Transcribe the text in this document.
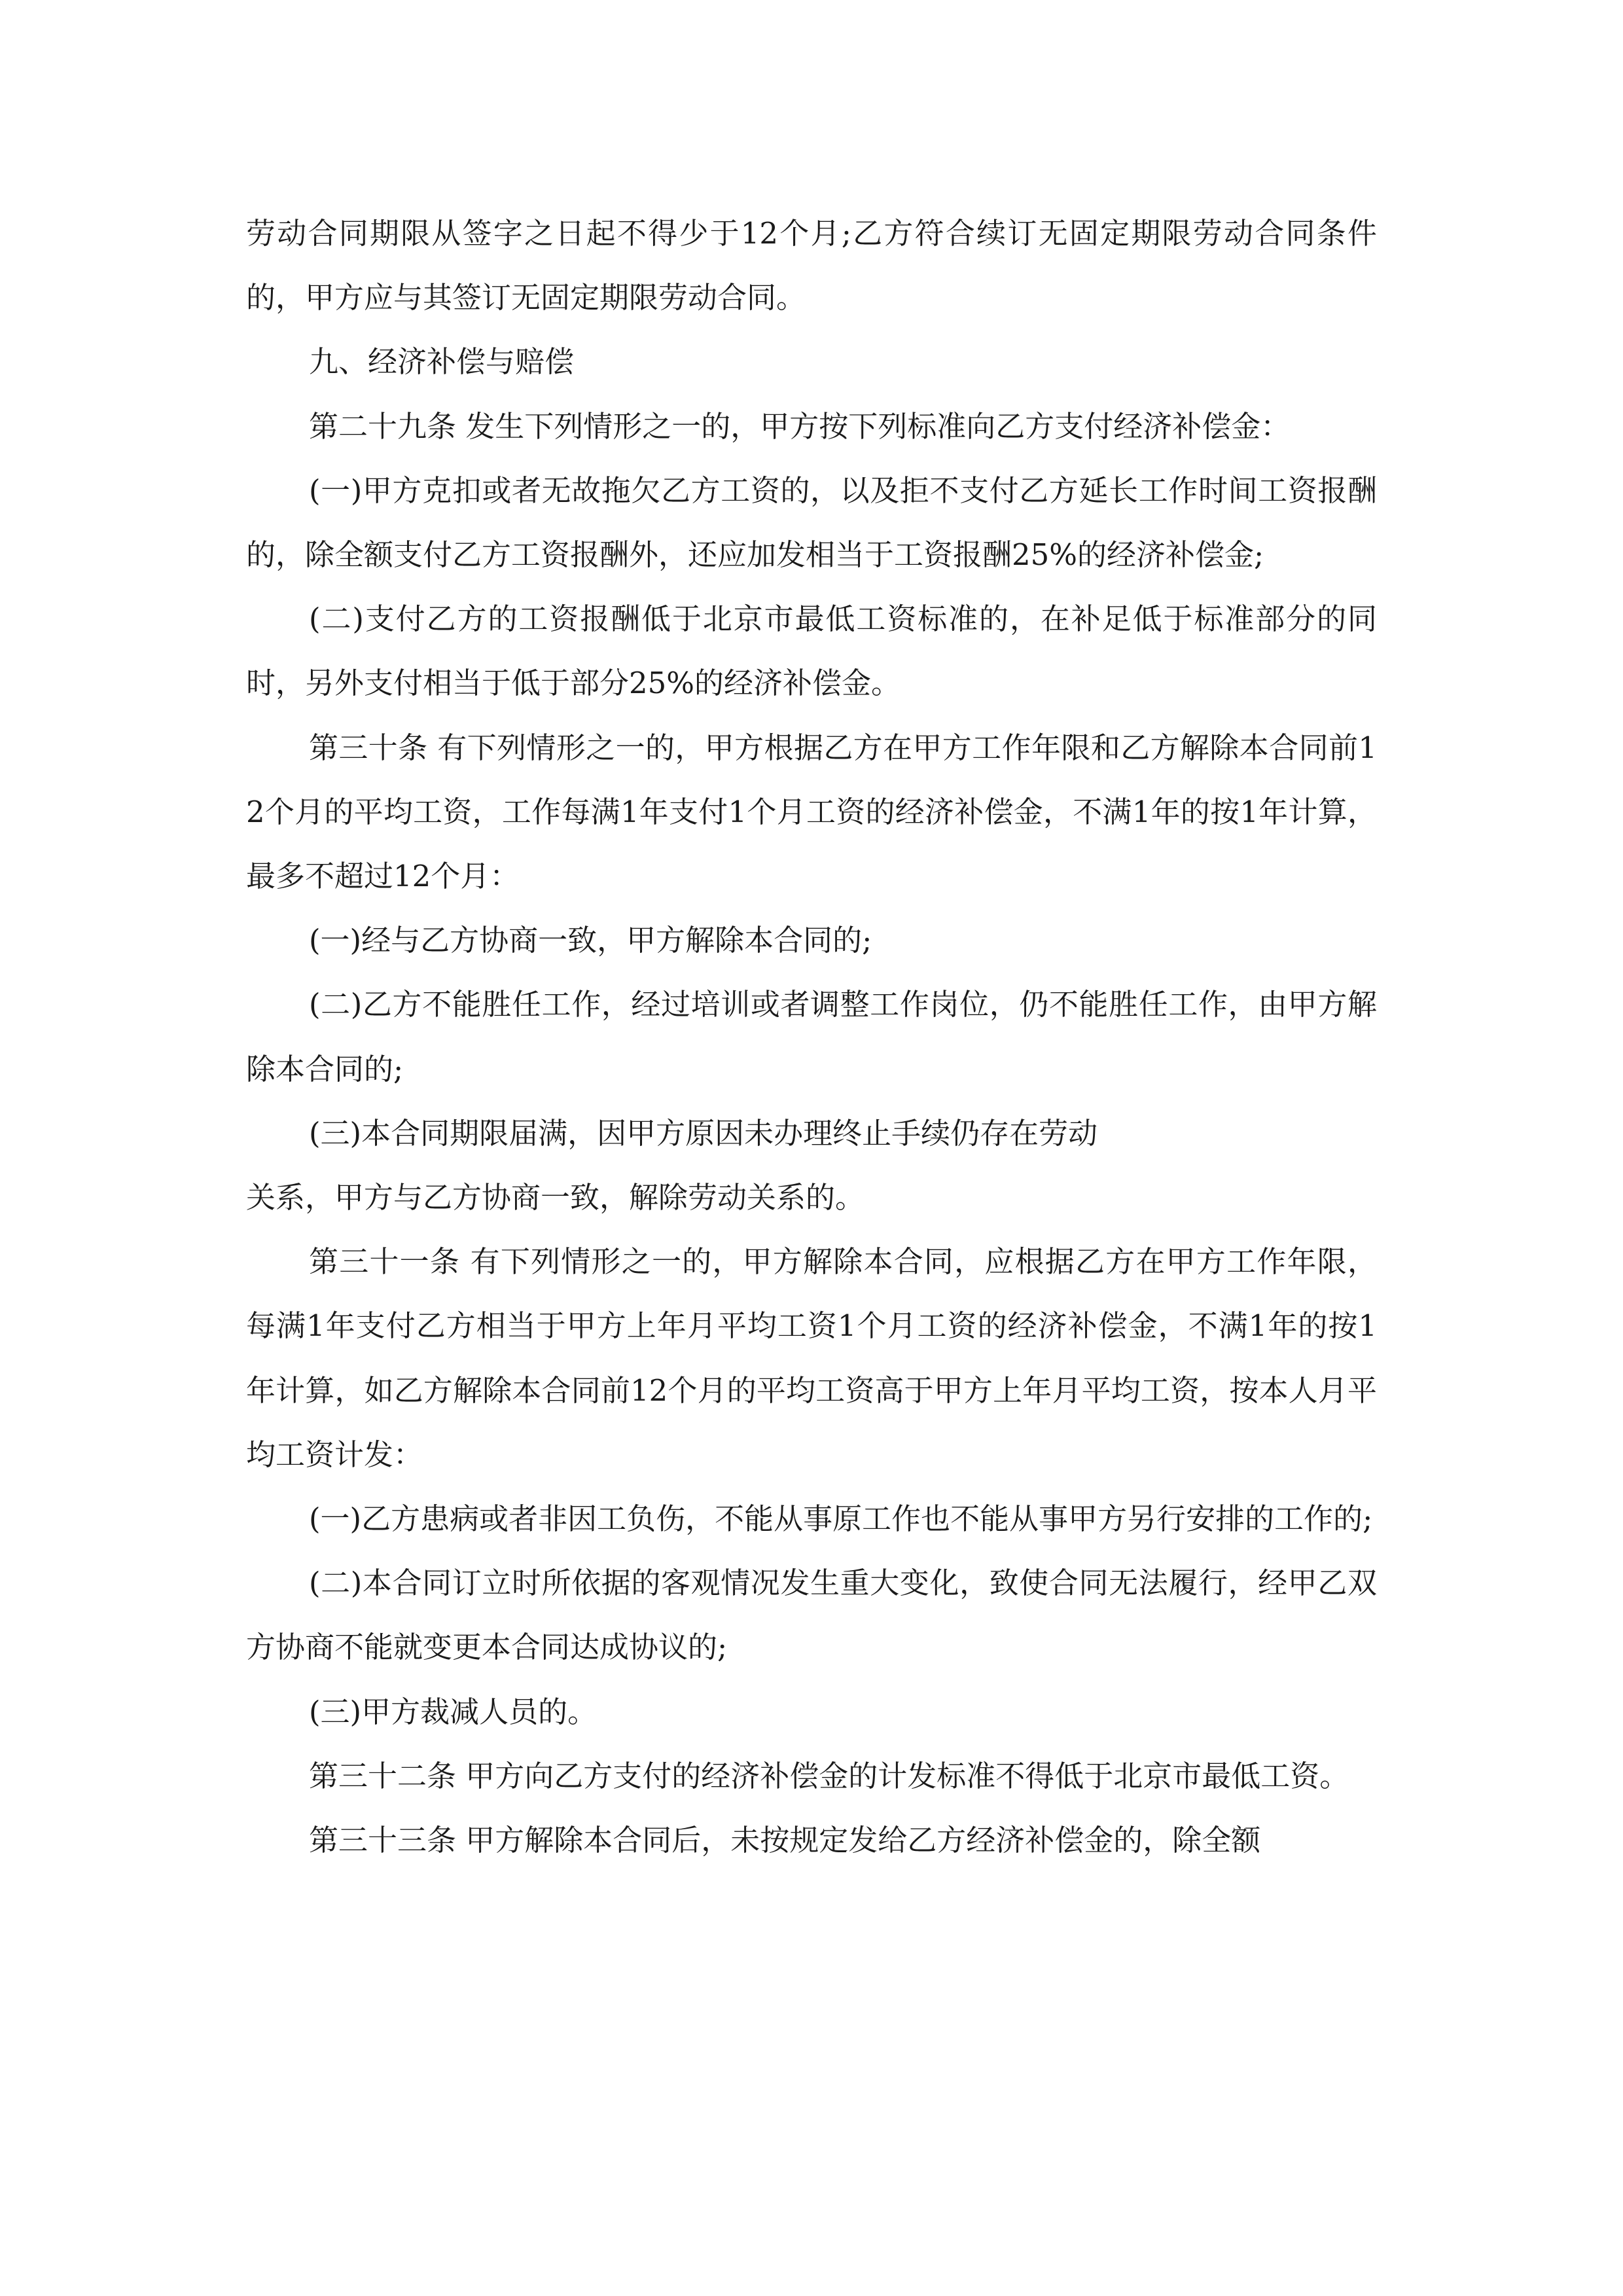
劳动合同期限从签字之日起不得少于12个月;乙方符合续订无固定期限劳动合同条件的，甲方应与其签订无固定期限劳动合同。

九、经济补偿与赔偿

第二十九条 发生下列情形之一的，甲方按下列标准向乙方支付经济补偿金：

(一)甲方克扣或者无故拖欠乙方工资的，以及拒不支付乙方延长工作时间工资报酬的，除全额支付乙方工资报酬外，还应加发相当于工资报酬25%的经济补偿金;

(二)支付乙方的工资报酬低于北京市最低工资标准的，在补足低于标准部分的同时，另外支付相当于低于部分25%的经济补偿金。

第三十条 有下列情形之一的，甲方根据乙方在甲方工作年限和乙方解除本合同前12个月的平均工资，工作每满1年支付1个月工资的经济补偿金，不满1年的按1年计算，最多不超过12个月：

(一)经与乙方协商一致，甲方解除本合同的;

(二)乙方不能胜任工作，经过培训或者调整工作岗位，仍不能胜任工作，由甲方解除本合同的;

(三)本合同期限届满，因甲方原因未办理终止手续仍存在劳动

关系，甲方与乙方协商一致，解除劳动关系的。

第三十一条 有下列情形之一的，甲方解除本合同，应根据乙方在甲方工作年限，每满1年支付乙方相当于甲方上年月平均工资1个月工资的经济补偿金，不满1年的按1年计算，如乙方解除本合同前12个月的平均工资高于甲方上年月平均工资，按本人月平均工资计发：

(一)乙方患病或者非因工负伤，不能从事原工作也不能从事甲方另行安排的工作的;

(二)本合同订立时所依据的客观情况发生重大变化，致使合同无法履行，经甲乙双方协商不能就变更本合同达成协议的;

(三)甲方裁减人员的。

第三十二条 甲方向乙方支付的经济补偿金的计发标准不得低于北京市最低工资。

第三十三条 甲方解除本合同后，未按规定发给乙方经济补偿金的，除全额
